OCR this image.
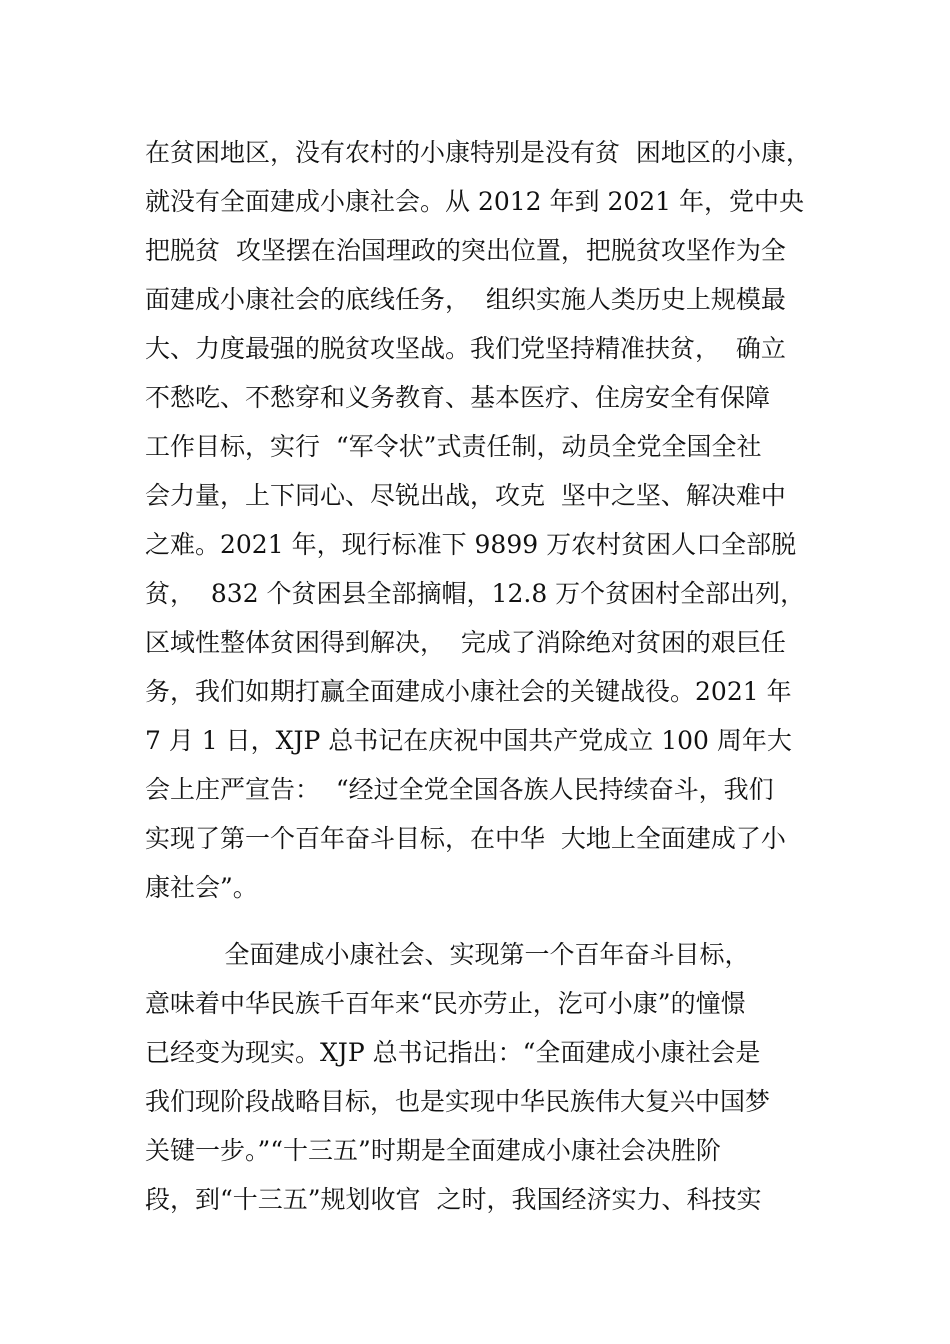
在贫困地区，没有农村的小康特别是没有贫  困地区的小康，
就没有全面建成小康社会。从 2012 年到 2021 年，党中央
把脱贫  攻坚摆在治国理政的突出位置，把脱贫攻坚作为全
面建成小康社会的底线任务，  组织实施人类历史上规模最
大、力度最强的脱贫攻坚战。我们党坚持精准扶贫，  确立
不愁吃、不愁穿和义务教育、基本医疗、住房安全有保障
工作目标，实行  “军令状”式责任制，动员全党全国全社
会力量，上下同心、尽锐出战，攻克  坚中之坚、解决难中
之难。2021 年，现行标准下 9899 万农村贫困人口全部脱
贫，  832 个贫困县全部摘帽，12.8 万个贫困村全部出列，
区域性整体贫困得到解决，  完成了消除绝对贫困的艰巨任
务，我们如期打赢全面建成小康社会的关键战役。2021 年
7 月 1 日，XJP 总书记在庆祝中国共产党成立 100 周年大
会上庄严宣告：  “经过全党全国各族人民持续奋斗，我们
实现了第一个百年奋斗目标，在中华  大地上全面建成了小
康社会”。
全面建成小康社会、实现第一个百年奋斗目标，
意味着中华民族千百年来“民亦劳止，汔可小康”的憧憬
已经变为现实。XJP 总书记指出：“全面建成小康社会是
我们现阶段战略目标，也是实现中华民族伟大复兴中国梦
关键一步。”“十三五”时期是全面建成小康社会决胜阶
段，到“十三五”规划收官  之时，我国经济实力、科技实
